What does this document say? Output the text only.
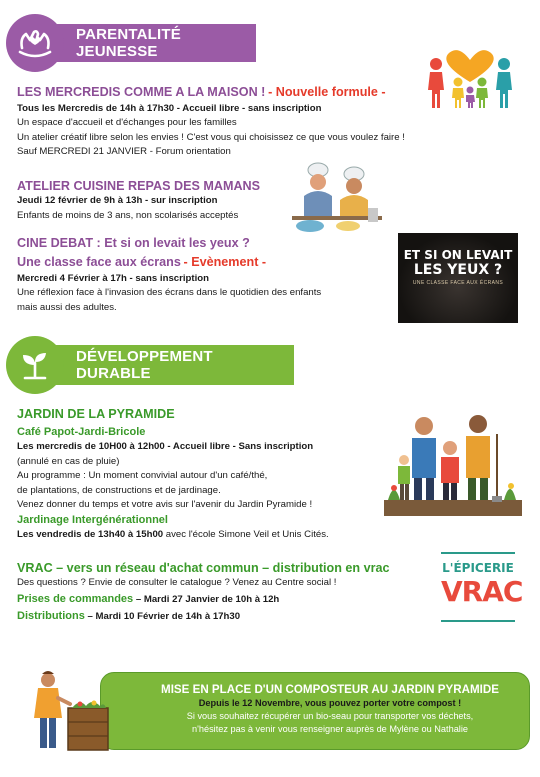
PARENTALITÉ JEUNESSE
LES MERCREDIS COMME A LA MAISON ! - Nouvelle formule -
Tous les Mercredis de 14h à 17h30 - Accueil libre - sans inscription
Un espace d'accueil et d'échanges pour les familles
Un atelier créatif libre selon les envies ! C'est vous qui choisissez ce que vous voulez faire !
Sauf MERCREDI 21 JANVIER - Forum orientation
ATELIER CUISINE REPAS DES MAMANS
Jeudi 12 février de 9h à 13h - sur inscription
Enfants de moins de 3 ans, non scolarisés acceptés
CINE DEBAT : Et si on levait les yeux ?
Une classe face aux écrans - Evènement -
Mercredi 4 Février à 17h - sans inscription
Une réflexion face à l'invasion des écrans dans le quotidien des enfants
mais aussi des adultes.
ET SI ON LEVAIT
LES YEUX ?
UNE CLASSE FACE AUX ÉCRANS
DÉVELOPPEMENT DURABLE
JARDIN DE LA PYRAMIDE
Café Papot-Jardi-Bricole
Les mercredis de 10H00 à 12h00 - Accueil libre - Sans inscription
(annulé en cas de pluie)
Au programme : Un moment convivial autour d'un café/thé,
de plantations, de constructions et de jardinage.
Venez donner du temps et votre avis sur l'avenir du Jardin Pyramide !
Jardinage Intergénérationnel
Les vendredis de 13h40 à 15h00 avec l'école Simone Veil et Unis Cités.
VRAC – vers un réseau d'achat commun – distribution en vrac
Des questions ? Envie de consulter le catalogue ? Venez au Centre social !
Prises de commandes – Mardi 27 Janvier de 10h à 12h
Distributions – Mardi 10 Février de 14h à 17h30
L'ÉPICERIE
VRAC
MISE EN PLACE D'UN COMPOSTEUR AU JARDIN PYRAMIDE
Depuis le 12 Novembre, vous pouvez porter votre compost !
Si vous souhaitez récupérer un bio-seau pour transporter vos déchets,
n'hésitez pas à venir vous renseigner auprès de Mylène ou Nathalie
